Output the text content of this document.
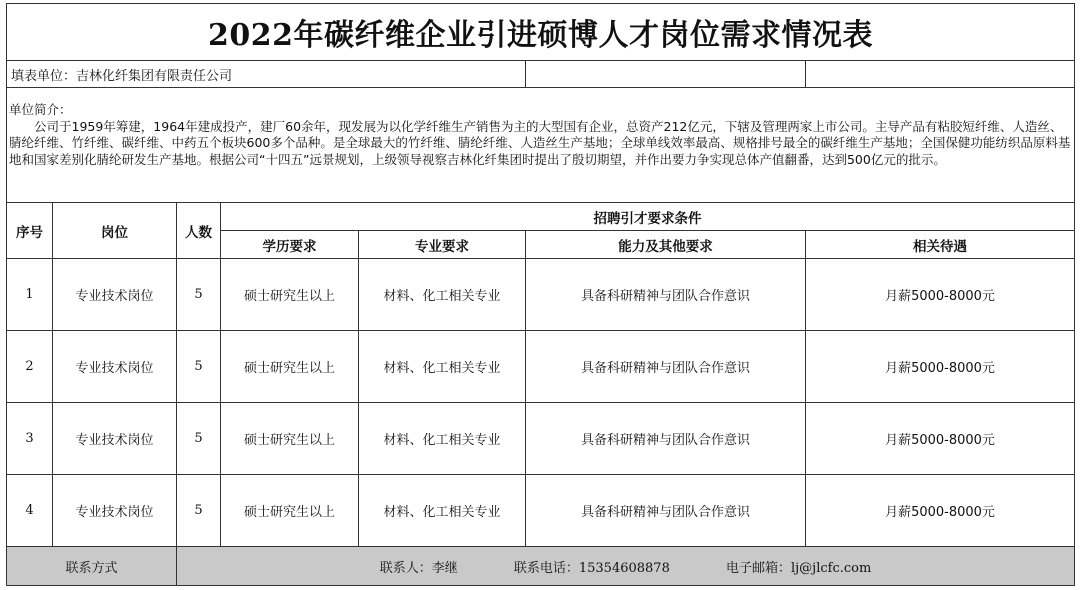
2022年碳纤维企业引进硕博人才岗位需求情况表						
填表单位：吉林化纤集团有限责任公司						

单位简介：
公司于1959年筹建，1964年建成投产，建厂60余年，现发展为以化学纤维生产销售为主的大型国有企业，总资产212亿元，下辖及管理两家上市公司。主导产品有粘胶短纤维、人造丝、腈纶纤维、竹纤维、碳纤维、中药五个板块600多个品种。是全球最大的竹纤维、腈纶纤维、人造丝生产基地；全球单线效率最高、规格排号最全的碳纤维生产基地；全国保健功能纺织品原料基地和国家差别化腈纶研发生产基地。根据公司“十四五”远景规划，上级领导视察吉林化纤集团时提出了殷切期望，并作出要力争实现总体产值翻番，达到500亿元的批示。						

序号	岗位	人数	招聘引才要求条件			
			学历要求	专业要求	能力及其他要求	相关待遇
1	专业技术岗位	5	硕士研究生以上	材料、化工相关专业	具备科研精神与团队合作意识	月薪5000-8000元
2	专业技术岗位	5	硕士研究生以上	材料、化工相关专业	具备科研精神与团队合作意识	月薪5000-8000元
3	专业技术岗位	5	硕士研究生以上	材料、化工相关专业	具备科研精神与团队合作意识	月薪5000-8000元
4	专业技术岗位	5	硕士研究生以上	材料、化工相关专业	具备科研精神与团队合作意识	月薪5000-8000元
联系方式		联系人：李继 联系电话：15354608878 电子邮箱：lj@jlcfc.com				
